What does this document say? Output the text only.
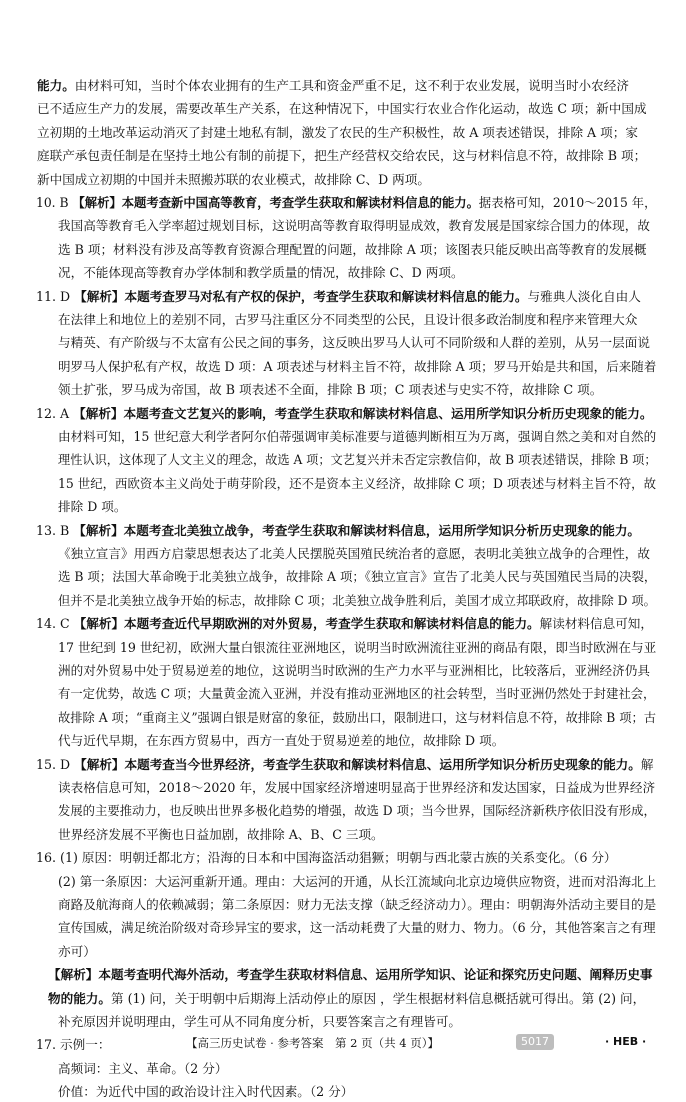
能力。由材料可知，当时个体农业拥有的生产工具和资金严重不足，这不利于农业发展，说明当时小农经济
已不适应生产力的发展，需要改革生产关系，在这种情况下，中国实行农业合作化运动，故选 C 项；新中国成
立初期的土地改革运动消灭了封建土地私有制，激发了农民的生产积极性，故 A 项表述错误，排除 A 项；家
庭联产承包责任制是在坚持土地公有制的前提下，把生产经营权交给农民，这与材料信息不符，故排除 B 项；
新中国成立初期的中国并未照搬苏联的农业模式，故排除 C、D 两项。
10. B 【解析】本题考查新中国高等教育，考查学生获取和解读材料信息的能力。据表格可知，2010～2015 年，
我国高等教育毛入学率超过规划目标，这说明高等教育取得明显成效，教育发展是国家综合国力的体现，故
选 B 项；材料没有涉及高等教育资源合理配置的问题，故排除 A 项；该图表只能反映出高等教育的发展概
况，不能体现高等教育办学体制和教学质量的情况，故排除 C、D 两项。
11. D 【解析】本题考查罗马对私有产权的保护，考查学生获取和解读材料信息的能力。与雅典人淡化自由人
在法律上和地位上的差别不同，古罗马注重区分不同类型的公民，且设计很多政治制度和程序来管理大众
与精英、有产阶级与不太富有公民之间的事务，这反映出罗马人认可不同阶级和人群的差别，从另一层面说
明罗马人保护私有产权，故选 D 项：A 项表述与材料主旨不符，故排除 A 项；罗马开始是共和国，后来随着
领土扩张，罗马成为帝国，故 B 项表述不全面，排除 B 项；C 项表述与史实不符，故排除 C 项。
12. A 【解析】本题考查文艺复兴的影响，考查学生获取和解读材料信息、运用所学知识分析历史现象的能力。
由材料可知，15 世纪意大利学者阿尔伯蒂强调审美标准要与道德判断相互为万离，强调自然之美和对自然的
理性认识，这体现了人文主义的理念，故选 A 项；文艺复兴并未否定宗教信仰，故 B 项表述错误，排除 B 项；
15 世纪，西欧资本主义尚处于萌芽阶段，还不是资本主义经济，故排除 C 项；D 项表述与材料主旨不符，故
排除 D 项。
13. B 【解析】本题考查北美独立战争，考查学生获取和解读材料信息，运用所学知识分析历史现象的能力。
《独立宣言》用西方启蒙思想表达了北美人民摆脱英国殖民统治者的意愿，表明北美独立战争的合理性，故
选 B 项；法国大革命晚于北美独立战争，故排除 A 项；《独立宣言》宣告了北美人民与英国殖民当局的决裂，
但并不是北美独立战争开始的标志，故排除 C 项；北美独立战争胜利后，美国才成立邦联政府，故排除 D 项。
14. C 【解析】本题考查近代早期欧洲的对外贸易，考查学生获取和解读材料信息的能力。解读材料信息可知，
17 世纪到 19 世纪初，欧洲大量白银流往亚洲地区，说明当时欧洲流往亚洲的商品有限，即当时欧洲在与亚
洲的对外贸易中处于贸易逆差的地位，这说明当时欧洲的生产力水平与亚洲相比，比较落后，亚洲经济仍具
有一定优势，故选 C 项；大量黄金流入亚洲，并没有推动亚洲地区的社会转型，当时亚洲仍然处于封建社会，
故排除 A 项；“重商主义”强调白银是财富的象征，鼓励出口，限制进口，这与材料信息不符，故排除 B 项；古
代与近代早期，在东西方贸易中，西方一直处于贸易逆差的地位，故排除 D 项。
15. D 【解析】本题考查当今世界经济，考查学生获取和解读材料信息、运用所学知识分析历史现象的能力。解
读表格信息可知，2018～2020 年，发展中国家经济增速明显高于世界经济和发达国家，日益成为世界经济
发展的主要推动力，也反映出世界多极化趋势的增强，故选 D 项；当今世界，国际经济新秩序依旧没有形成，
世界经济发展不平衡也日益加剧，故排除 A、B、C 三项。
16. (1) 原因：明朝迁都北方；沿海的日本和中国海盗活动猖獗；明朝与西北蒙古族的关系变化。（6 分）
(2) 第一条原因：大运河重新开通。理由：大运河的开通，从长江流域向北京边境供应物资，进而对沿海北上
商路及航海商人的依赖减弱；第二条原因：财力无法支撑（缺乏经济动力）。理由：明朝海外活动主要目的是
宣传国威，满足统治阶级对奇珍异宝的要求，这一活动耗费了大量的财力、物力。（6 分，其他答案言之有理
亦可）
【解析】本题考查明代海外活动，考查学生获取材料信息、运用所学知识、论证和探究历史问题、阐释历史事
物的能力。第 (1) 问，关于明朝中后期海上活动停止的原因 ，学生根据材料信息概括就可得出。第 (2) 问，
补充原因并说明理由，学生可从不同角度分析，只要答案言之有理皆可。
17. 示例一：
高频词：主义、革命。（2 分）
价值：为近代中国的政治设计注入时代因素。（2 分）
【高三历史试卷 · 参考答案　第 2 页（共 4 页）】	5017	· HEB ·
